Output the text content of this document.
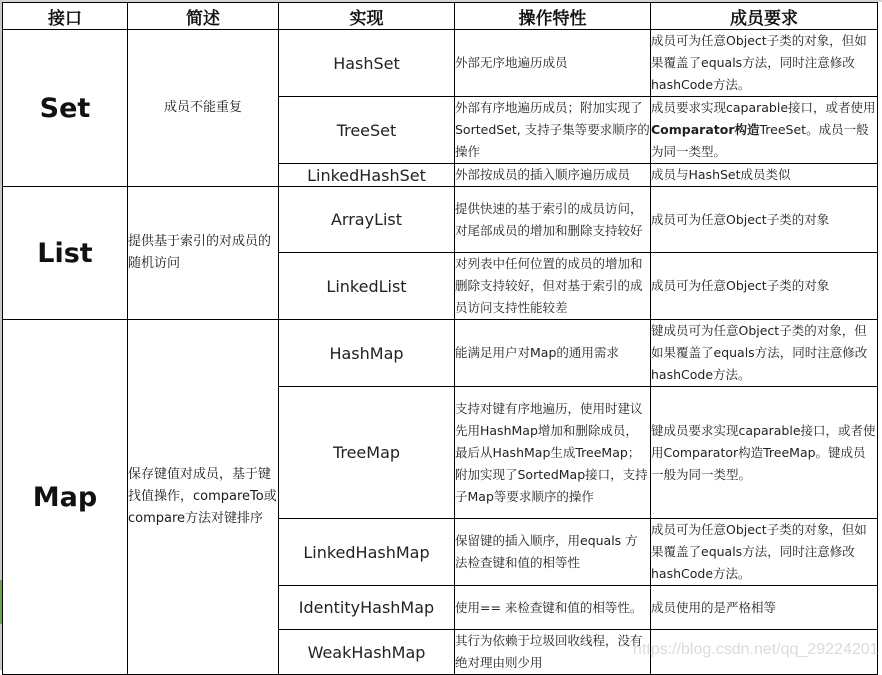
接口	简述	实现	操作特性	成员要求
Set	成员不能重复	HashSet	外部无序地遍历成员	成员可为任意Object子类的对象，但如果覆盖了equals方法，同时注意修改hashCode方法。
		TreeSet	外部有序地遍历成员；附加实现了SortedSet, 支持子集等要求顺序的操作	成员要求实现caparable接口，或者使用 Comparator构造TreeSet。成员一般为同一类型。
		LinkedHashSet	外部按成员的插入顺序遍历成员	成员与HashSet成员类似
List	提供基于索引的对成员的随机访问	ArrayList	提供快速的基于索引的成员访问，对尾部成员的增加和删除支持较好	成员可为任意Object子类的对象
		LinkedList	对列表中任何位置的成员的增加和删除支持较好，但对基于索引的成员访问支持性能较差	成员可为任意Object子类的对象
Map	保存键值对成员，基于键找值操作，compareTo或compare方法对键排序	HashMap	能满足用户对Map的通用需求	键成员可为任意Object子类的对象，但如果覆盖了equals方法，同时注意修改hashCode方法。
		TreeMap	支持对键有序地遍历，使用时建议先用HashMap增加和删除成员，最后从HashMap生成TreeMap；附加实现了SortedMap接口，支持子Map等要求顺序的操作	键成员要求实现caparable接口，或者使用Comparator构造TreeMap。键成员一般为同一类型。
		LinkedHashMap	保留键的插入顺序，用equals 方法检查键和值的相等性	成员可为任意Object子类的对象，但如果覆盖了equals方法，同时注意修改hashCode方法。
		IdentityHashMap	使用== 来检查键和值的相等性。	成员使用的是严格相等
		WeakHashMap	其行为依赖于垃圾回收线程，没有绝对理由则少用	
https://blog.csdn.net/qq_29224201
